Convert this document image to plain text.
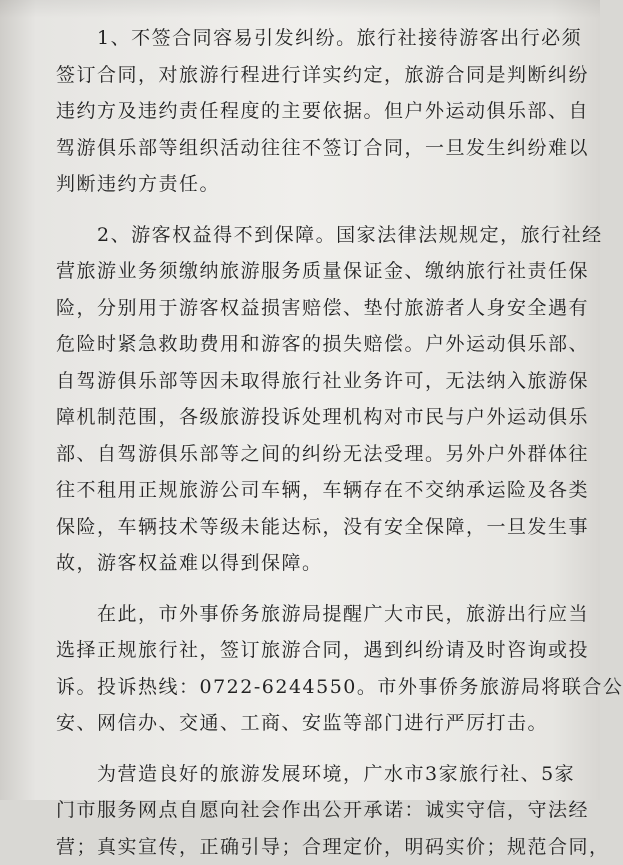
　　1、不签合同容易引发纠纷。旅行社接待游客出行必须
签订合同，对旅游行程进行详实约定，旅游合同是判断纠纷
违约方及违约责任程度的主要依据。但户外运动俱乐部、自
驾游俱乐部等组织活动往往不签订合同，一旦发生纠纷难以
判断违约方责任。
　　2、游客权益得不到保障。国家法律法规规定，旅行社经
营旅游业务须缴纳旅游服务质量保证金、缴纳旅行社责任保
险，分别用于游客权益损害赔偿、垫付旅游者人身安全遇有
危险时紧急救助费用和游客的损失赔偿。户外运动俱乐部、
自驾游俱乐部等因未取得旅行社业务许可，无法纳入旅游保
障机制范围，各级旅游投诉处理机构对市民与户外运动俱乐
部、自驾游俱乐部等之间的纠纷无法受理。另外户外群体往
往不租用正规旅游公司车辆，车辆存在不交纳承运险及各类
保险，车辆技术等级未能达标，没有安全保障，一旦发生事
故，游客权益难以得到保障。
　　在此，市外事侨务旅游局提醒广大市民，旅游出行应当
选择正规旅行社，签订旅游合同，遇到纠纷请及时咨询或投
诉。投诉热线：0722-6244550。市外事侨务旅游局将联合公
安、网信办、交通、工商、安监等部门进行严厉打击。
　　为营造良好的旅游发展环境，广水市3家旅行社、5家
门市服务网点自愿向社会作出公开承诺：诚实守信，守法经
营；真实宣传，正确引导；合理定价，明码实价；规范合同，
